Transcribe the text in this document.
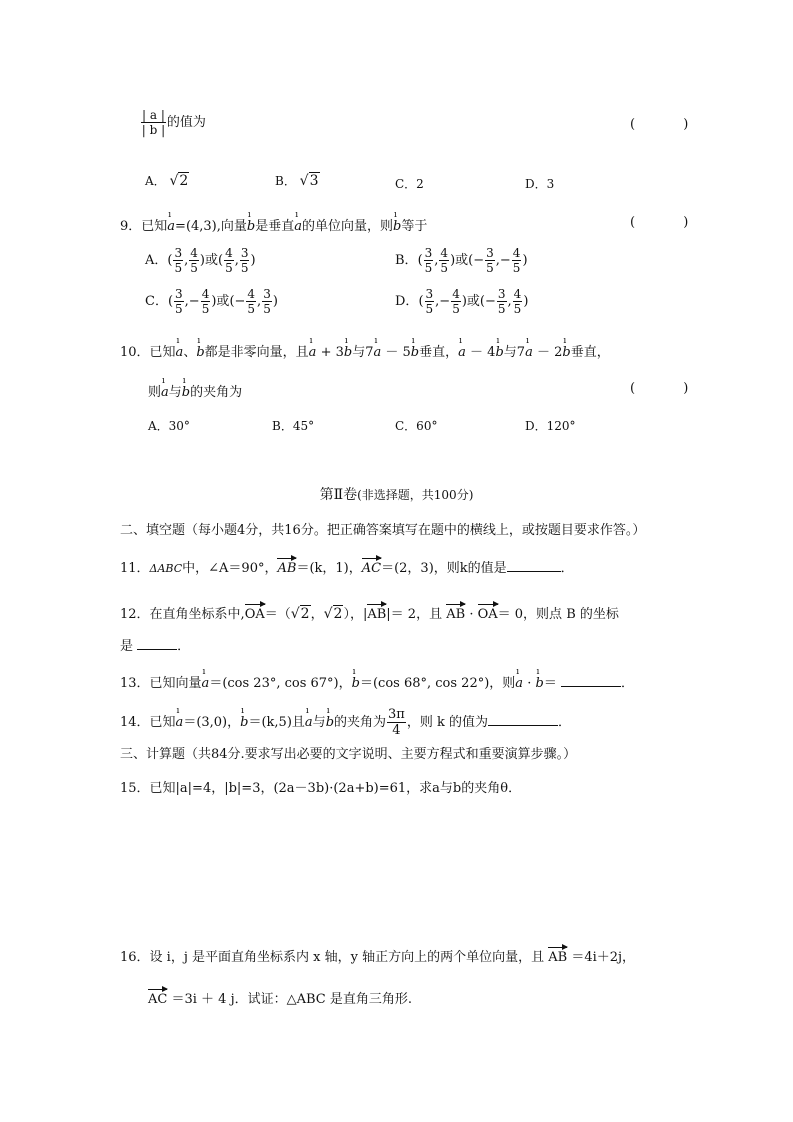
$\frac{| a |}{| b |}$ 的值为	( )
A． √2	B． √3	C．2	D．3
9．已知ı a=(4,3),向量ı b是垂直ı a的单位向量，则ı b等于	( )
A．( $\frac{3}{5}$ , $\frac{4}{5}$ )或( $\frac{4}{5}$ , $\frac{3}{5}$ )	B．( $\frac{3}{5}$ , $\frac{4}{5}$ )或(− $\frac{3}{5}$ ,− $\frac{4}{5}$ )
C．( $\frac{3}{5}$ ,− $\frac{4}{5}$ )或(− $\frac{4}{5}$ , $\frac{3}{5}$ )	D．( $\frac{3}{5}$ ,− $\frac{4}{5}$ )或(− $\frac{3}{5}$ , $\frac{4}{5}$ )
10．已知ı a、ı b都是非零向量，且ı a + 3ı b与7ı a － 5ı b垂直，ı a － 4ı b与7ı a － 2ı b垂直，
则ı a与ı b的夹角为	( )
A．30°	B．45°	C．60°	D．120°
第Ⅱ卷(非选择题，共100分)
二、填空题（每小题4分，共16分。把正确答案填写在题中的横线上，或按题目要求作答。）
11．ΔABC中，∠A＝90°，AB＝(k，1)，AC＝(2，3)，则k的值是	．
12．在直角坐标系中,OA＝（√2，√2），|AB|＝ 2，且 AB · OA＝ 0，则点 B 的坐标
是	．
13．已知向量ı a＝(cos 23°, cos 67°)，ı b＝(cos 68°, cos 22°)，则ı a · ı b＝	．
14．已知ı a＝(3,0)，ı b＝(k,5)且ı a与ı b的夹角为 $\frac{3\pi}{4}$ ，则 k 的值为	．
三、计算题（共84分.要求写出必要的文字说明、主要方程式和重要演算步骤。）
15．已知|a|=4，|b|=3，(2a－3b)·(2a+b)=61，求a与b的夹角θ．
16．设 i，j 是平面直角坐标系内 x 轴，y 轴正方向上的两个单位向量，且 AB ＝4i＋2j，
AC ＝3i ＋ 4 j．试证：△ABC 是直角三角形.
